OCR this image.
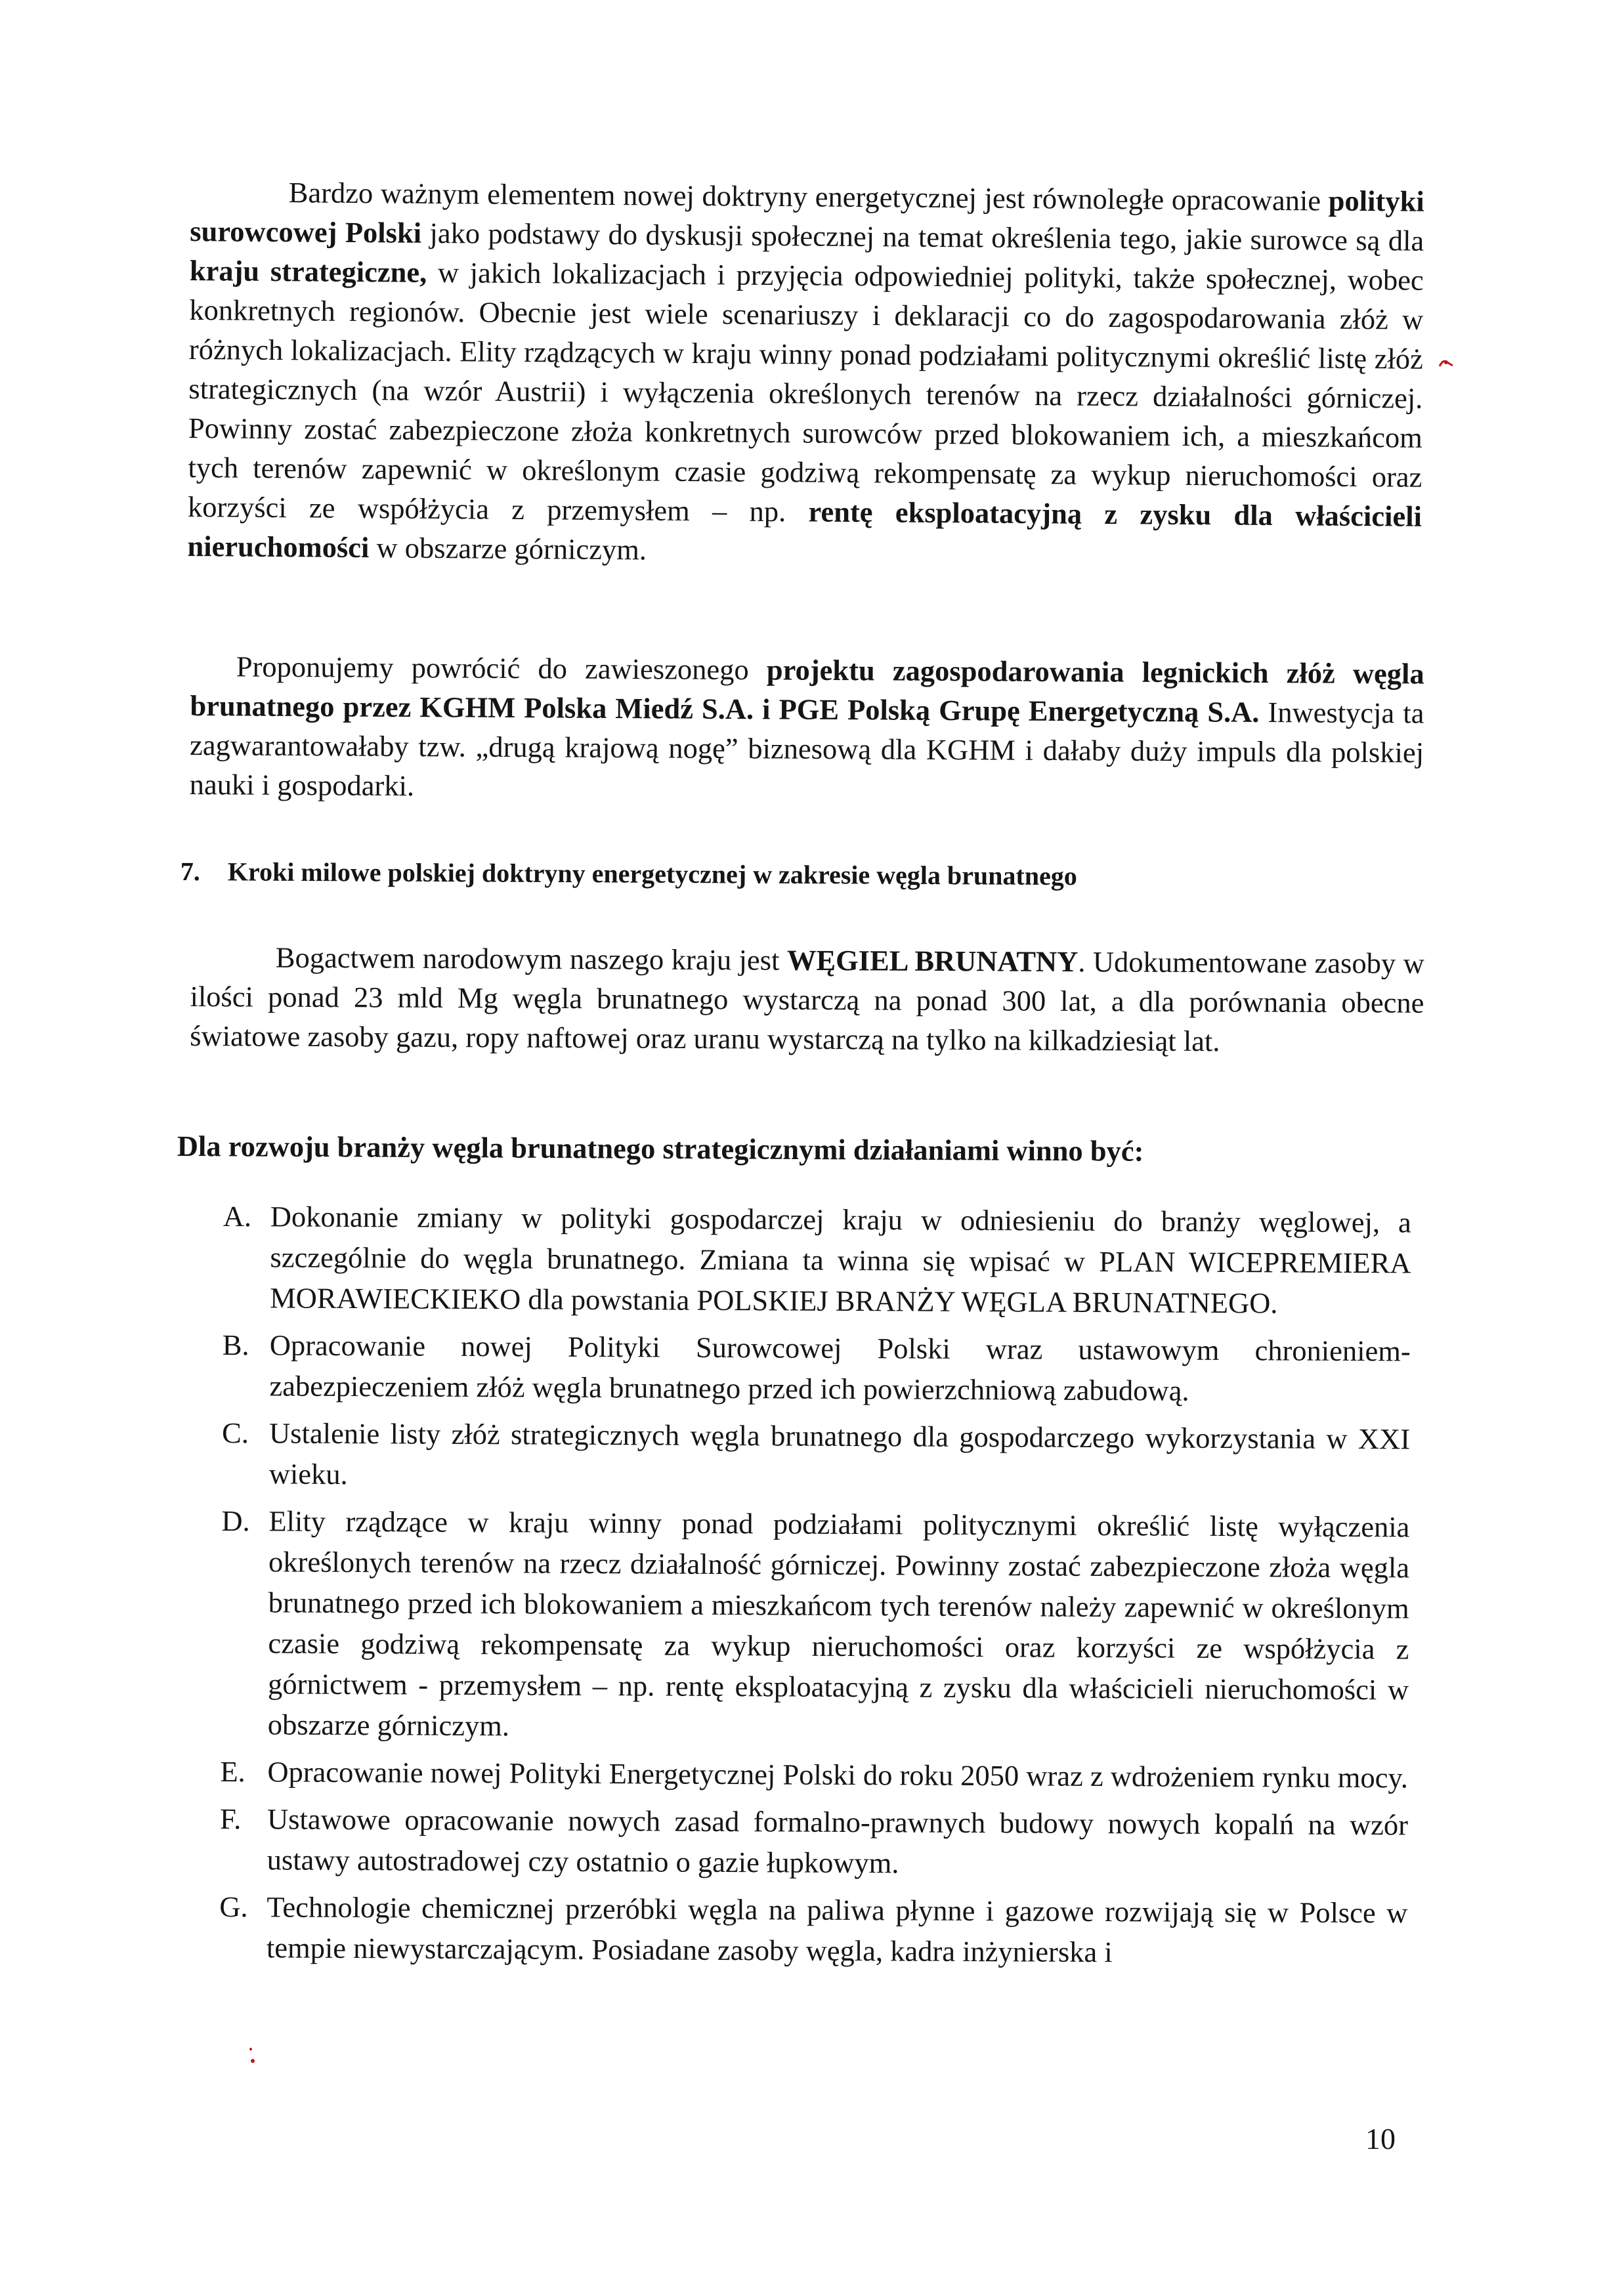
Bardzo ważnym elementem nowej doktryny energetycznej jest równoległe opracowanie polityki surowcowej Polski jako podstawy do dyskusji społecznej na temat określenia tego, jakie surowce są dla kraju strategiczne, w jakich lokalizacjach i przyjęcia odpowiedniej polityki, także społecznej, wobec konkretnych regionów. Obecnie jest wiele scenariuszy i deklaracji co do zagospodarowania złóż w różnych lokalizacjach. Elity rządzących w kraju winny ponad podziałami politycznymi określić listę złóż strategicznych (na wzór Austrii) i wyłączenia określonych terenów na rzecz działalności górniczej. Powinny zostać zabezpieczone złoża konkretnych surowców przed blokowaniem ich, a mieszkańcom tych terenów zapewnić w określonym czasie godziwą rekompensatę za wykup nieruchomości oraz korzyści ze współżycia z przemysłem – np. rentę eksploatacyjną z zysku dla właścicieli nieruchomości w obszarze górniczym.

Proponujemy powrócić do zawieszonego projektu zagospodarowania legnickich złóż węgla brunatnego przez KGHM Polska Miedź S.A. i PGE Polską Grupę Energetyczną S.A. Inwestycja ta zagwarantowałaby tzw. „drugą krajową nogę” biznesową dla KGHM i dałaby duży impuls dla polskiej nauki i gospodarki.

7. Kroki milowe polskiej doktryny energetycznej w zakresie węgla brunatnego

Bogactwem narodowym naszego kraju jest WĘGIEL BRUNATNY. Udokumentowane zasoby w ilości ponad 23 mld Mg węgla brunatnego wystarczą na ponad 300 lat, a dla porównania obecne światowe zasoby gazu, ropy naftowej oraz uranu wystarczą na tylko na kilkadziesiąt lat.

Dla rozwoju branży węgla brunatnego strategicznymi działaniami winno być:
A. Dokonanie zmiany w polityki gospodarczej kraju w odniesieniu do branży węglowej, a szczególnie do węgla brunatnego. Zmiana ta winna się wpisać w PLAN WICEPREMIERA MORAWIECKIEKO dla powstania POLSKIEJ BRANŻY WĘGLA BRUNATNEGO.
B. Opracowanie nowej Polityki Surowcowej Polski wraz ustawowym chronieniem-zabezpieczeniem złóż węgla brunatnego przed ich powierzchniową zabudową.
C. Ustalenie listy złóż strategicznych węgla brunatnego dla gospodarczego wykorzystania w XXI wieku.
D. Elity rządzące w kraju winny ponad podziałami politycznymi określić listę wyłączenia określonych terenów na rzecz działalność górniczej. Powinny zostać zabezpieczone złoża węgla brunatnego przed ich blokowaniem a mieszkańcom tych terenów należy zapewnić w określonym czasie godziwą rekompensatę za wykup nieruchomości oraz korzyści ze współżycia z górnictwem - przemysłem – np. rentę eksploatacyjną z zysku dla właścicieli nieruchomości w obszarze górniczym.
E. Opracowanie nowej Polityki Energetycznej Polski do roku 2050 wraz z wdrożeniem rynku mocy.
F. Ustawowe opracowanie nowych zasad formalno-prawnych budowy nowych kopalń na wzór ustawy autostradowej czy ostatnio o gazie łupkowym.
G. Technologie chemicznej przeróbki węgla na paliwa płynne i gazowe rozwijają się w Polsce w tempie niewystarczającym. Posiadane zasoby węgla, kadra inżynierska i

10
